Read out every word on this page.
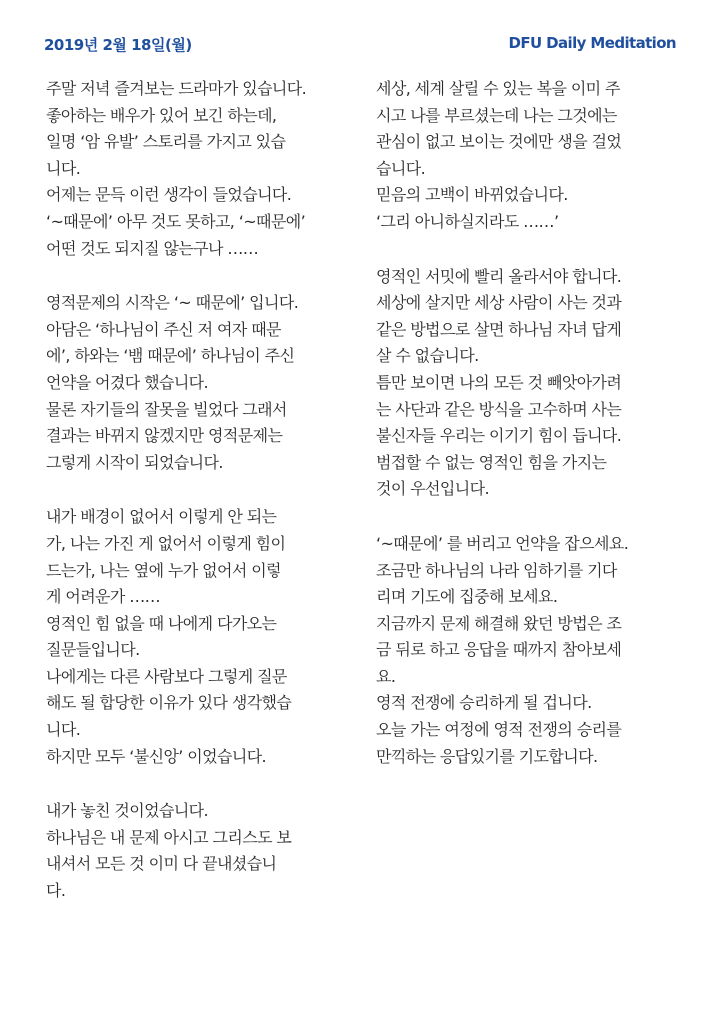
2019년 2월 18일(월)	DFU Daily Meditation
주말 저녁 즐겨보는 드라마가 있습니다.
좋아하는 배우가 있어 보긴 하는데,
일명 ‘암 유발’ 스토리를 가지고 있습
니다.
어제는 문득 이런 생각이 들었습니다.
‘~때문에’ 아무 것도 못하고, ‘~때문에’
어떤 것도 되지질 않는구나 ……
영적문제의 시작은 ‘~ 때문에’ 입니다.
아담은 ‘하나님이 주신 저 여자 때문
에’, 하와는 ‘뱀 때문에’ 하나님이 주신
언약을 어겼다 했습니다.
물론 자기들의 잘못을 빌었다 그래서
결과는 바뀌지 않겠지만 영적문제는
그렇게 시작이 되었습니다.
내가 배경이 없어서 이렇게 안 되는
가, 나는 가진 게 없어서 이렇게 힘이
드는가, 나는 옆에 누가 없어서 이렇
게 어려운가 ……
영적인 힘 없을 때 나에게 다가오는
질문들입니다.
나에게는 다른 사람보다 그렇게 질문
해도 될 합당한 이유가 있다 생각했습
니다.
하지만 모두 ‘불신앙’ 이었습니다.
내가 놓친 것이었습니다.
하나님은 내 문제 아시고 그리스도 보
내셔서 모든 것 이미 다 끝내셨습니
다.
세상, 세계 살릴 수 있는 복을 이미 주
시고 나를 부르셨는데 나는 그것에는
관심이 없고 보이는 것에만 생을 걸었
습니다.
믿음의 고백이 바뀌었습니다.
‘그리 아니하실지라도 ……’
영적인 서밋에 빨리 올라서야 합니다.
세상에 살지만 세상 사람이 사는 것과
같은 방법으로 살면 하나님 자녀 답게
살 수 없습니다.
틈만 보이면 나의 모든 것 빼앗아가려
는 사단과 같은 방식을 고수하며 사는
불신자들 우리는 이기기 힘이 듭니다.
범접할 수 없는 영적인 힘을 가지는
것이 우선입니다.
‘~때문에’ 를 버리고 언약을 잡으세요.
조금만 하나님의 나라 임하기를 기다
리며 기도에 집중해 보세요.
지금까지 문제 해결해 왔던 방법은 조
금 뒤로 하고 응답을 때까지 참아보세
요.
영적 전쟁에 승리하게 될 겁니다.
오늘 가는 여정에 영적 전쟁의 승리를
만끽하는 응답있기를 기도합니다.
